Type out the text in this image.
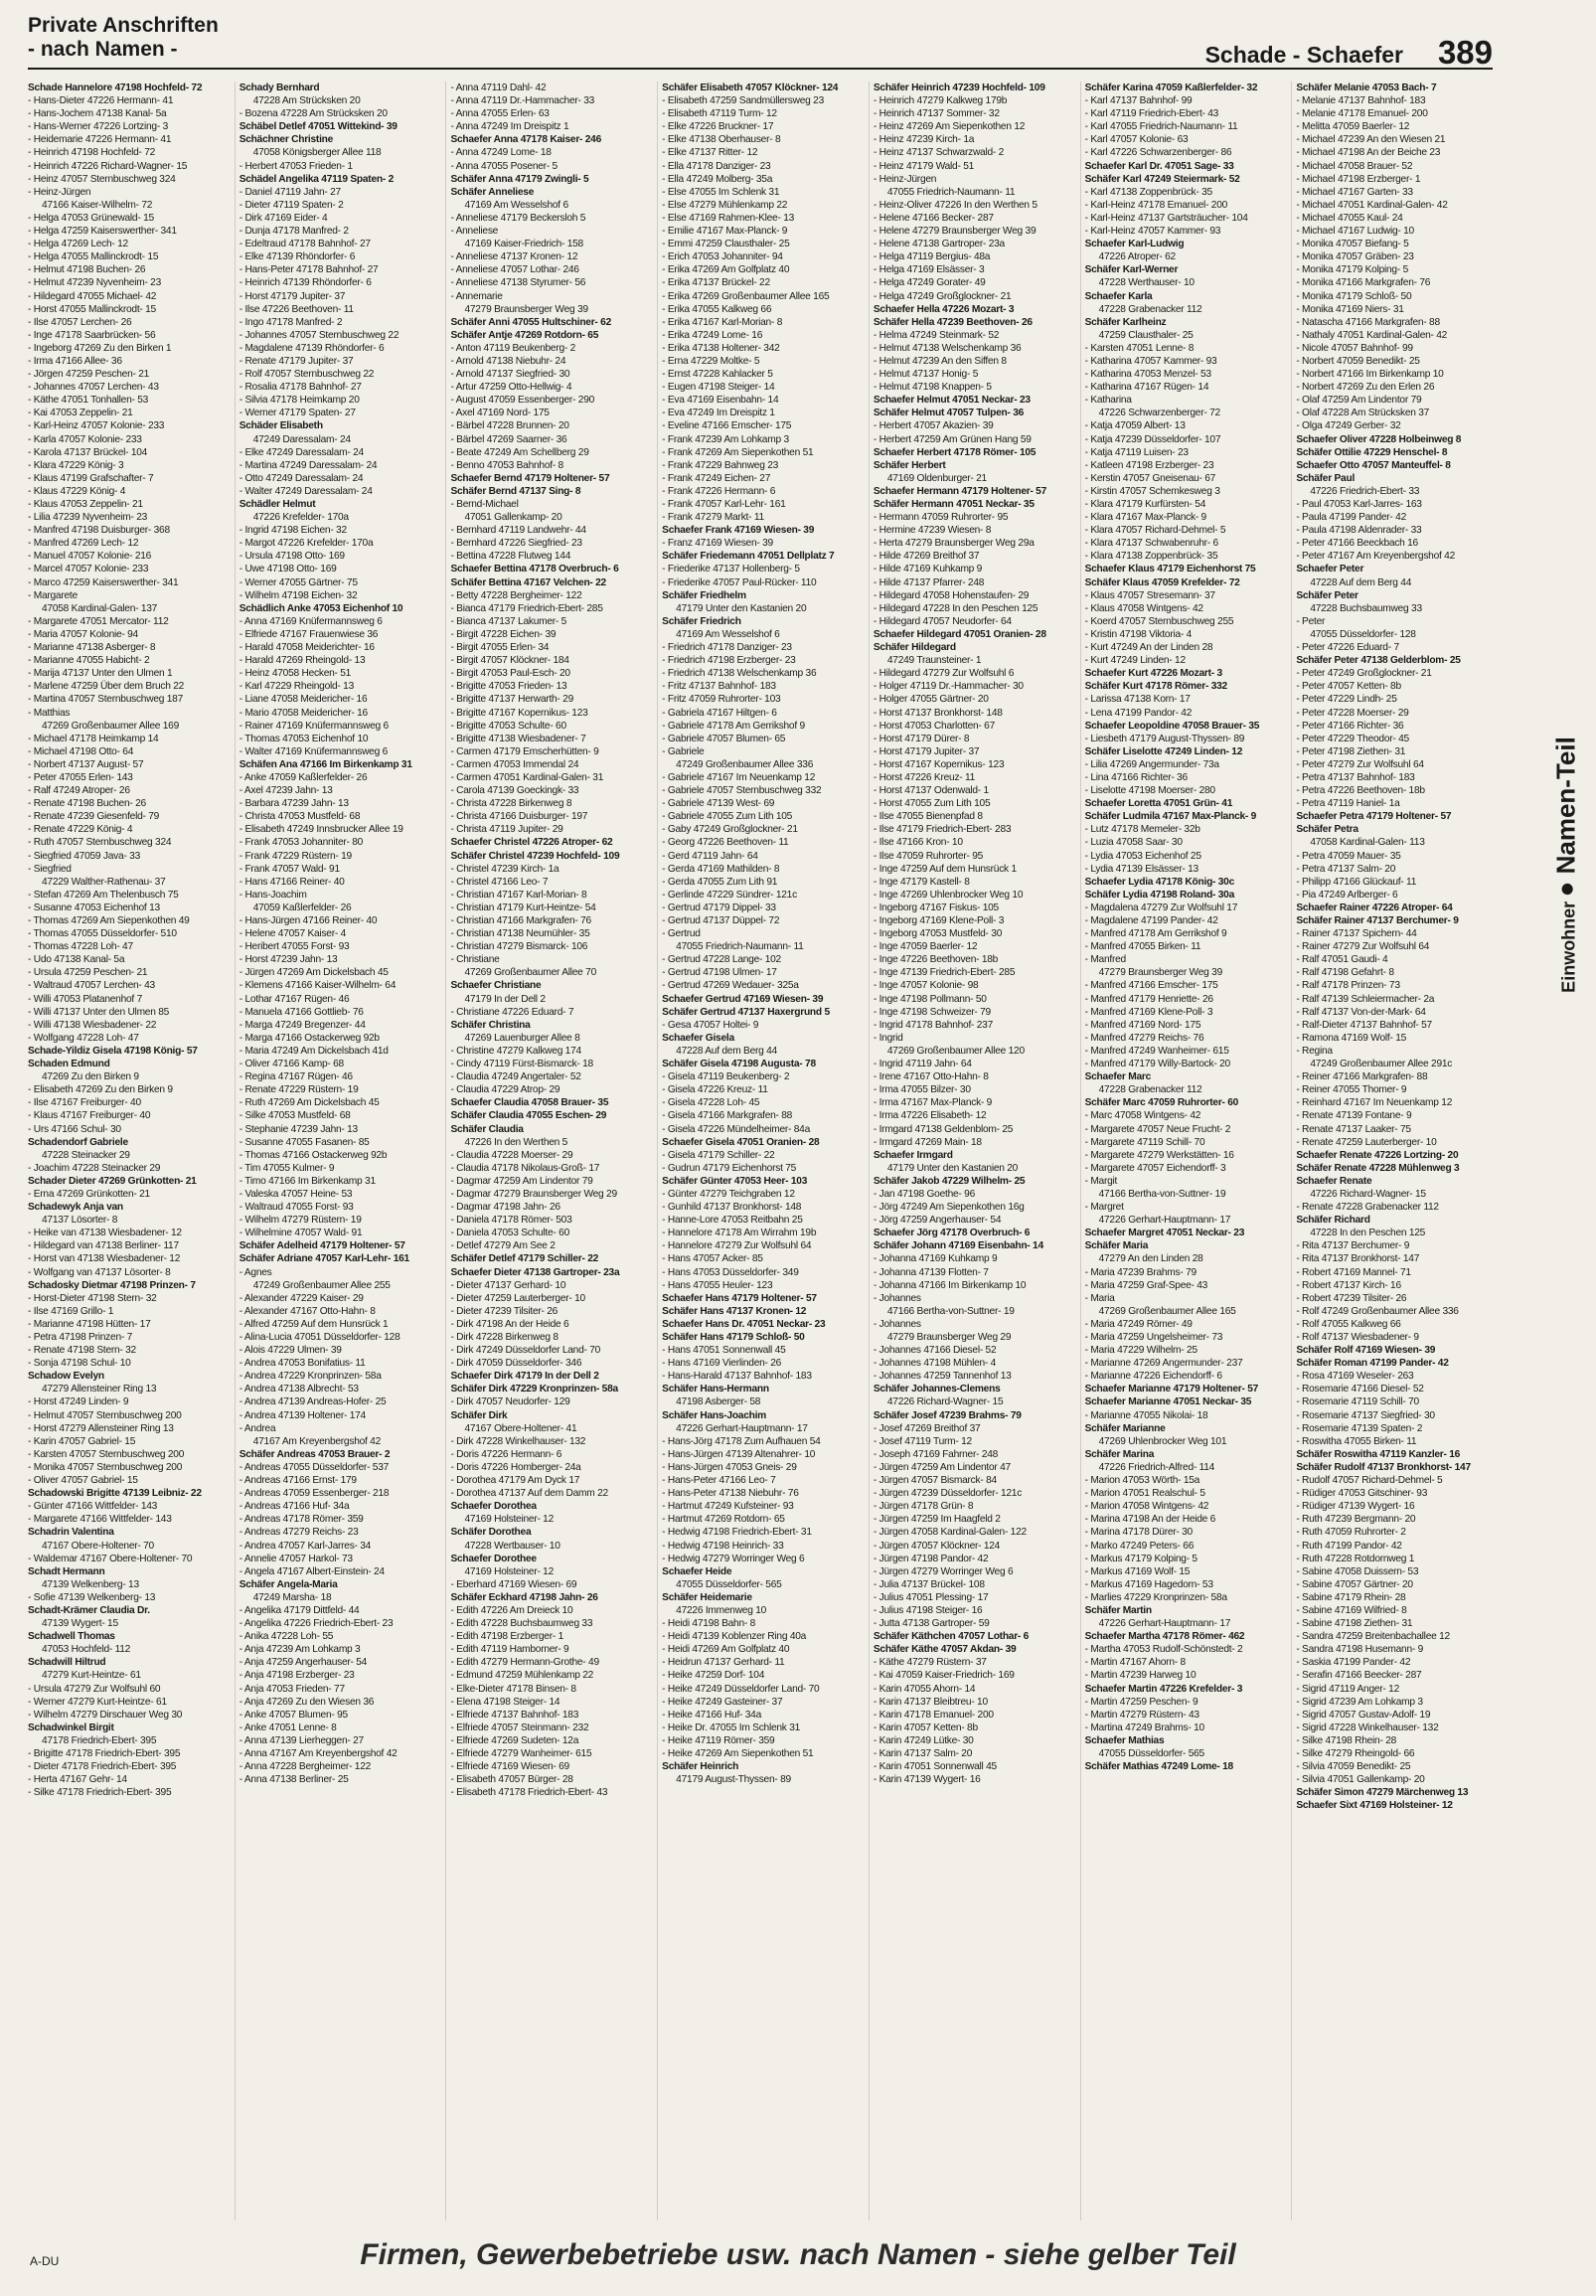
Private Anschriften
- nach Namen -	Schade - Schaefer 389
Schade Hannelore 47198 Hochfeld- 72
- Hans-Dieter 47226 Hermann- 41
- Hans-Jochem 47138 Kanal- 5a
- Hans-Werner 47226 Lortzing- 3
- Heidemarie 47226 Hermann- 41
- Heinrich 47198 Hochfeld- 72
- Heinrich 47226 Richard-Wagner- 15
- Heinz 47057 Sternbuschweg 324
- Heinz-Jürgen
47166 Kaiser-Wilhelm- 72
- Helga 47053 Grünewald- 15
- Helga 47259 Kaiserswerther- 341
- Helga 47269 Lech- 12
- Helga 47055 Mallinckrodt- 15
- Helmut 47198 Buchen- 26
- Helmut 47239 Nyvenheim- 23
- Hildegard 47055 Michael- 42
- Horst 47055 Mallinckrodt- 15
- Ilse 47057 Lerchen- 26
- Inge 47178 Saarbrücken- 56
- Ingeborg 47269 Zu den Birken 1
- Irma 47166 Allee- 36
- Jörgen 47259 Peschen- 21
- Johannes 47057 Lerchen- 43
- Käthe 47051 Tonhallen- 53
- Kai 47053 Zeppelin- 21
- Karl-Heinz 47057 Kolonie- 233
- Karla 47057 Kolonie- 233
- Karola 47137 Brückel- 104
- Klara 47229 König- 3
- Klaus 47199 Grafschafter- 7
- Klaus 47229 König- 4
- Klaus 47053 Zeppelin- 21
- Lilia 47239 Nyvenheim- 23
- Manfred 47198 Duisburger- 368
- Manfred 47269 Lech- 12
- Manuel 47057 Kolonie- 216
- Marcel 47057 Kolonie- 233
- Marco 47259 Kaiserswerther- 341
- Margarete
47058 Kardinal-Galen- 137
- Margarete 47051 Mercator- 112
- Maria 47057 Kolonie- 94
- Marianne 47138 Asberger- 8
- Marianne 47055 Habicht- 2
- Marija 47137 Unter den Ulmen 1
- Marlene 47259 Über dem Bruch 22
- Martina 47057 Sternbuschweg 187
- Matthias
47269 Großenbaumer Allee 169
- Michael 47178 Heimkamp 14
- Michael 47198 Otto- 64
- Norbert 47137 August- 57
- Peter 47055 Erlen- 143
- Ralf 47249 Atroper- 26
- Renate 47198 Buchen- 26
- Renate 47239 Giesenfeld- 79
- Renate 47229 König- 4
- Ruth 47057 Sternbuschweg 324
- Siegfried 47059 Java- 33
- Siegfried
47229 Walther-Rathenau- 37
- Stefan 47269 Am Thelenbusch 75
- Susanne 47053 Eichenhof 13
- Thomas 47269 Am Siepenkothen 49
- Thomas 47055 Düsseldorfer- 510
- Thomas 47228 Loh- 47
- Udo 47138 Kanal- 5a
- Ursula 47259 Peschen- 21
- Waltraud 47057 Lerchen- 43
- Willi 47053 Platanenhof 7
- Willi 47137 Unter den Ulmen 85
- Willi 47138 Wiesbadener- 22
- Wolfgang 47228 Loh- 47
Schade-Yildiz Gisela 47198 König- 57
Schaden Edmund
47269 Zu den Birken 9
- Elisabeth 47269 Zu den Birken 9
- Ilse 47167 Freiburger- 40
- Klaus 47167 Freiburger- 40
- Urs 47166 Schul- 30
Schadendorf Gabriele
47228 Steinacker 29
- Joachim 47228 Steinacker 29
Schader Dieter 47269 Grünkotten- 21
- Erna 47269 Grünkotten- 21
Schadewyk Anja van
47137 Lösorter- 8
- Heike van 47138 Wiesbadener- 12
- Hildegard van 47138 Berliner- 117
- Horst van 47138 Wiesbadener- 12
- Wolfgang van 47137 Lösorter- 8
Schadosky Dietmar 47198 Prinzen- 7
- Horst-Dieter 47198 Stern- 32
- Ilse 47169 Grillo- 1
- Marianne 47198 Hütten- 17
- Petra 47198 Prinzen- 7
- Renate 47198 Stern- 32
- Sonja 47198 Schul- 10
Schadow Evelyn
47279 Allensteiner Ring 13
- Horst 47249 Linden- 9
- Helmut 47057 Sternbuschweg 200
- Horst 47279 Allensteiner Ring 13
- Karin 47057 Gabriel- 15
- Karsten 47057 Sternbuschweg 200
- Monika 47057 Sternbuschweg 200
- Oliver 47057 Gabriel- 15
Schadowski Brigitte 47139 Leibniz- 22
- Günter 47166 Wittfelder- 143
- Margarete 47166 Wittfelder- 143
Schadrin Valentina
47167 Obere-Holtener- 70
- Waldemar 47167 Obere-Holtener- 70
Schadt Hermann
47139 Welkenberg- 13
- Sofie 47139 Welkenberg- 13
Schadt-Krämer Claudia Dr.
47139 Wygert- 15
Schadwell Thomas
47053 Hochfeld- 112
Schadwill Hiltrud
47279 Kurt-Heintze- 61
- Ursula 47279 Zur Wolfsuhl 60
- Werner 47279 Kurt-Heintze- 61
- Wilhelm 47279 Dirschauer Weg 30
Schadwinkel Birgit
47178 Friedrich-Ebert- 395
- Brigitte 47178 Friedrich-Ebert- 395
- Dieter 47178 Friedrich-Ebert- 395
- Herta 47167 Gehr- 14
- Silke 47178 Friedrich-Ebert- 395
Schady Bernhard
47228 Am Strücksken 20
- Bozena 47228 Am Strücksken 20
Schäbel Detlef 47051 Wittekind- 39
Schächner Christine
47058 Königsberger Allee 118
- Herbert 47053 Frieden- 1
Schädel Angelika 47119 Spaten- 2
- Daniel 47119 Jahn- 27
- Dieter 47119 Spaten- 2
- Dirk 47169 Eider- 4
- Dunja 47178 Manfred- 2
- Edeltraud 47178 Bahnhof- 27
- Elke 47139 Rhöndorfer- 6
- Hans-Peter 47178 Bahnhof- 27
- Heinrich 47139 Rhöndorfer- 6
- Horst 47179 Jupiter- 37
- Ilse 47226 Beethoven- 11
- Ingo 47178 Manfred- 2
- Johannes 47057 Sternbuschweg 22
- Magdalene 47139 Rhöndorfer- 6
- Renate 47179 Jupiter- 37
- Rolf 47057 Sternbuschweg 22
- Rosalia 47178 Bahnhof- 27
- Silvia 47178 Heimkamp 20
- Werner 47179 Spaten- 27
Schäder Elisabeth
47249 Daressalam- 24
- Elke 47249 Daressalam- 24
- Martina 47249 Daressalam- 24
- Otto 47249 Daressalam- 24
- Walter 47249 Daressalam- 24
Schädler Helmut
47226 Krefelder- 170a
- Ingrid 47198 Eichen- 32
- Margot 47226 Krefelder- 170a
- Ursula 47198 Otto- 169
- Uwe 47198 Otto- 169
- Werner 47055 Gärtner- 75
- Wilhelm 47198 Eichen- 32
Schädlich Anke 47053 Eichenhof 10
- Anna 47169 Knüfermannsweg 6
- Elfriede 47167 Frauenwiese 36
- Harald 47058 Meiderichter- 16
- Harald 47269 Rheingold- 13
- Heinz 47058 Hecken- 51
- Karl 47229 Rheingold- 13
- Liane 47058 Meidericher- 16
- Mario 47058 Meidericher- 16
- Rainer 47169 Knüfermannsweg 6
- Thomas 47053 Eichenhof 10
- Walter 47169 Knüfermannsweg 6
Schäfen Ana 47166 Im Birkenkamp 31
- Anke 47059 Kaßlerfelder- 26
- Axel 47239 Jahn- 13
- Barbara 47239 Jahn- 13
- Christa 47053 Mustfeld- 68
- Elisabeth 47249 Innsbrucker Allee 19
- Frank 47053 Johanniter- 80
- Frank 47229 Rüstern- 19
- Frank 47057 Wald- 91
- Hans 47166 Reiner- 40
- Hans-Joachim
47059 Kaßlerfelder- 26
- Hans-Jürgen 47166 Reiner- 40
- Helene 47057 Kaiser- 4
- Heribert 47055 Forst- 93
- Horst 47239 Jahn- 13
- Jürgen 47269 Am Dickelsbach 45
- Klemens 47166 Kaiser-Wilhelm- 64
- Lothar 47167 Rügen- 46
- Manuela 47166 Gottlieb- 76
- Marga 47249 Bregenzer- 44
- Marga 47166 Ostackerweg 92b
- Maria 47249 Am Dickelsbach 41d
- Oliver 47166 Kamp- 68
- Regina 47167 Rügen- 46
- Renate 47229 Rüstern- 19
- Ruth 47269 Am Dickelsbach 45
- Silke 47053 Mustfeld- 68
- Stephanie 47239 Jahn- 13
- Susanne 47055 Fasanen- 85
- Thomas 47166 Ostackerweg 92b
- Tim 47055 Kulmer- 9
- Timo 47166 Im Birkenkamp 31
- Valeska 47057 Heine- 53
- Waltraud 47055 Forst- 93
- Wilhelm 47279 Rüstern- 19
- Wilhelmine 47057 Wald- 91
Schäfer Adelheid 47179 Holtener- 57
Schäfer Adriane 47057 Karl-Lehr- 161
- Agnes
47249 Großenbaumer Allee 255
- Alexander 47229 Kaiser- 29
- Alexander 47167 Otto-Hahn- 8
- Alfred 47259 Auf dem Hunsrück 1
- Alina-Lucia 47051 Düsseldorfer- 128
- Alois 47229 Ulmen- 39
- Andrea 47053 Bonifatius- 11
- Andrea 47229 Kronprinzen- 58a
- Andrea 47138 Albrecht- 53
- Andrea 47139 Andreas-Hofer- 25
- Andrea 47139 Holtener- 174
- Andrea
47167 Am Kreyenbergshof 42
Schäfer Andreas 47053 Brauer- 2
- Andreas 47055 Düsseldorfer- 537
- Andreas 47166 Ernst- 179
- Andreas 47059 Essenberger- 218
- Andreas 47166 Huf- 34a
- Andreas 47178 Römer- 359
- Andreas 47279 Reichs- 23
- Andrea 47057 Karl-Jarres- 34
- Annelie 47057 Harkol- 73
- Angela 47167 Albert-Einstein- 24
Schäfer Angela-Maria
47249 Marsha- 18
- Angelika 47179 Dittfeld- 44
- Angelika 47226 Friedrich-Ebert- 23
- Anika 47228 Loh- 55
- Anja 47239 Am Lohkamp 3
- Anja 47259 Angerhauser- 54
- Anja 47198 Erzberger- 23
- Anja 47053 Frieden- 77
- Anja 47269 Zu den Wiesen 36
- Anke 47057 Blumen- 95
- Anke 47051 Lenne- 8
- Anna 47139 Lierheggen- 27
- Anna 47167 Am Kreyenbergshof 42
- Anna 47228 Bergheimer- 122
- Anna 47138 Berliner- 25
- Anna 47119 Dahl- 42
- Anna 47119 Dr.-Hammacher- 33
- Anna 47055 Erlen- 63
- Anna 47249 Im Dreispitz 1
Schaefer Anna 47178 Kaiser- 246
- Anna 47249 Lome- 18
- Anna 47055 Posener- 5
Schäfer Anna 47179 Zwingli- 5
Schäfer Anneliese
47169 Am Wesselshof 6
- Anneliese 47179 Beckersloh 5
- Anneliese
47169 Kaiser-Friedrich- 158
- Anneliese 47137 Kronen- 12
- Anneliese 47057 Lothar- 246
- Anneliese 47138 Styrumer- 56
- Annemarie
47279 Braunsberger Weg 39
Schäfer Anni 47055 Hultschiner- 62
Schäfer Antje 47269 Rotdorn- 65
- Anton 47119 Beukenberg- 2
- Arnold 47138 Niebuhr- 24
- Arnold 47137 Siegfried- 30
- Artur 47259 Otto-Hellwig- 4
- August 47059 Essenberger- 290
- Axel 47169 Nord- 175
- Bärbel 47228 Brunnen- 20
- Bärbel 47269 Saarner- 36
- Beate 47249 Am Schellberg 29
- Benno 47053 Bahnhof- 8
Schaefer Bernd 47179 Holtener- 57
Schäfer Bernd 47137 Sing- 8
- Bernd-Michael
47051 Gallenkamp- 20
- Bernhard 47119 Landwehr- 44
- Bernhard 47226 Siegfried- 23
- Bettina 47228 Flutweg 144
Schaefer Bettina 47178 Overbruch- 6
Schäfer Bettina 47167 Velchen- 22
- Betty 47228 Bergheimer- 122
- Bianca 47179 Friedrich-Ebert- 285
- Bianca 47137 Lakumer- 5
- Birgit 47228 Eichen- 39
- Birgit 47055 Erlen- 34
- Birgit 47057 Klöckner- 184
- Birgit 47053 Paul-Esch- 20
- Brigitte 47053 Frieden- 13
- Brigitte 47137 Herwarth- 29
- Brigitte 47167 Kopernikus- 123
- Brigitte 47053 Schulte- 60
- Brigitte 47138 Wiesbadener- 7
- Carmen 47179 Emscherhütten- 9
- Carmen 47053 Immendal 24
- Carmen 47051 Kardinal-Galen- 31
- Carola 47139 Goeckingk- 33
- Christa 47228 Birkenweg 8
- Christa 47166 Duisburger- 197
- Christa 47119 Jupiter- 29
Schaefer Christel 47226 Atroper- 62
Schäfer Christel 47239 Hochfeld- 109
- Christel 47239 Kirch- 1a
- Christel 47166 Leo- 7
- Christian 47167 Karl-Morian- 8
- Christian 47179 Kurt-Heintze- 54
- Christian 47166 Markgrafen- 76
- Christian 47138 Neumühler- 35
- Christian 47279 Bismarck- 106
- Christiane
47269 Großenbaumer Allee 70
Schaefer Christiane
47179 In der Dell 2
- Christiane 47226 Eduard- 7
Schäfer Christina
47269 Lauenburger Allee 8
- Christine 47279 Kalkweg 174
- Cindy 47119 Fürst-Bismarck- 18
- Claudia 47249 Angertaler- 52
- Claudia 47229 Atrop- 29
Schaefer Claudia 47058 Brauer- 35
Schäfer Claudia 47055 Eschen- 29
Schäfer Claudia
47226 In den Werthen 5
- Claudia 47228 Moerser- 29
- Claudia 47178 Nikolaus-Groß- 17
- Dagmar 47259 Am Lindentor 79
- Dagmar 47279 Braunsberger Weg 29
- Dagmar 47198 Jahn- 26
- Daniela 47178 Römer- 503
- Daniela 47053 Schulte- 60
- Detlef 47279 Am See 2
Schäfer Detlef 47179 Schiller- 22
Schaefer Dieter 47138 Gartroper- 23a
- Dieter 47137 Gerhard- 10
- Dieter 47259 Lauterberger- 10
- Dieter 47239 Tilsiter- 26
- Dirk 47198 An der Heide 6
- Dirk 47228 Birkenweg 8
- Dirk 47249 Düsseldorfer Land- 70
- Dirk 47059 Düsseldorfer- 346
Schaefer Dirk 47179 In der Dell 2
Schäfer Dirk 47229 Kronprinzen- 58a
- Dirk 47057 Neudorfer- 129
Schäfer Dirk
47167 Obere-Holtener- 41
- Dirk 47228 Winkelhauser- 132
- Doris 47226 Hermann- 6
- Doris 47226 Homberger- 24a
- Dorothea 47179 Am Dyck 17
- Dorothea 47137 Auf dem Damm 22
Schaefer Dorothea
47169 Holsteiner- 12
Schäfer Dorothea
47228 Wertbauser- 10
Schaefer Dorothee
47169 Holsteiner- 12
- Eberhard 47169 Wiesen- 69
Schäfer Eckhard 47198 Jahn- 26
- Edith 47226 Am Dreieck 10
- Edith 47228 Buchsbaumweg 33
- Edith 47198 Erzberger- 1
- Edith 47119 Hamborner- 9
- Edith 47279 Hermann-Grothe- 49
- Edmund 47259 Mühlenkamp 22
- Elke-Dieter 47178 Binsen- 8
- Elena 47198 Steiger- 14
- Elfriede 47137 Bahnhof- 183
- Elfriede 47057 Steinmann- 232
- Elfriede 47269 Sudeten- 12a
- Elfriede 47279 Wanheimer- 615
- Elfriede 47169 Wiesen- 69
- Elisabeth 47057 Bürger- 28
- Elisabeth 47178 Friedrich-Ebert- 43
Schäfer Elisabeth 47057 Klöckner- 124
- Elisabeth 47259 Sandmüllersweg 23
- Elisabeth 47119 Turm- 12
- Elke 47226 Bruckner- 17
- Elke 47138 Oberhauser- 8
- Elke 47137 Ritter- 12
- Ella 47178 Danziger- 23
- Ella 47249 Molberg- 35a
- Else 47055 Im Schlenk 31
- Else 47279 Mühlenkamp 22
- Else 47169 Rahmen-Klee- 13
- Emilie 47167 Max-Planck- 9
- Emmi 47259 Clausthaler- 25
- Erich 47053 Johanniter- 94
- Erika 47269 Am Golfplatz 40
- Erika 47137 Brückel- 22
- Erika 47269 Großenbaumer Allee 165
- Erika 47055 Kalkweg 66
- Erika 47167 Karl-Morian- 8
- Erika 47249 Lome- 16
- Erika 47138 Holtener- 342
- Erna 47229 Moltke- 5
- Ernst 47228 Kahlacker 5
- Eugen 47198 Steiger- 14
- Eva 47169 Eisenbahn- 14
- Eva 47249 Im Dreispitz 1
- Eveline 47166 Emscher- 175
- Frank 47239 Am Lohkamp 3
- Frank 47269 Am Siepenkothen 51
- Frank 47229 Bahnweg 23
- Frank 47249 Eichen- 27
- Frank 47226 Hermann- 6
- Frank 47057 Karl-Lehr- 161
- Frank 47279 Markt- 11
Schaefer Frank 47169 Wiesen- 39
- Franz 47169 Wiesen- 39
Schäfer Friedemann 47051 Dellplatz 7
- Friederike 47137 Hollenberg- 5
- Friederike 47057 Paul-Rücker- 110
Schäfer Friedhelm
47179 Unter den Kastanien 20
Schäfer Friedrich
47169 Am Wesselshof 6
- Friedrich 47178 Danziger- 23
- Friedrich 47198 Erzberger- 23
- Friedrich 47138 Welschenkamp 36
- Fritz 47137 Bahnhof- 183
- Fritz 47059 Ruhrorter- 103
- Gabriela 47167 Hiltgen- 6
- Gabriele 47178 Am Gerrikshof 9
- Gabriele 47057 Blumen- 65
- Gabriele
47249 Großenbaumer Allee 336
- Gabriele 47167 Im Neuenkamp 12
- Gabriele 47057 Sternbuschweg 332
- Gabriele 47139 West- 69
- Gabriele 47055 Zum Lith 105
- Gaby 47249 Großglockner- 21
- Georg 47226 Beethoven- 11
- Gerd 47119 Jahn- 64
- Gerda 47169 Mathilden- 8
- Gerda 47055 Zum Lith 91
- Gerlinde 47229 Sündrer- 121c
- Gertrud 47179 Dippel- 33
- Gertrud 47137 Düppel- 72
- Gertrud
47055 Friedrich-Naumann- 11
- Gertrud 47228 Lange- 102
- Gertrud 47198 Ulmen- 17
- Gertrud 47269 Wedauer- 325a
Schaefer Gertrud 47169 Wiesen- 39
Schäfer Gertrud 47137 Haxergrund 5
- Gesa 47057 Holtei- 9
Schaefer Gisela
47228 Auf dem Berg 44
Schäfer Gisela 47198 Augusta- 78
- Gisela 47119 Beukenberg- 2
- Gisela 47226 Kreuz- 11
- Gisela 47228 Loh- 45
- Gisela 47166 Markgrafen- 88
- Gisela 47226 Mündelheimer- 84a
Schaefer Gisela 47051 Oranien- 28
- Gisela 47179 Schiller- 22
- Gudrun 47179 Eichenhorst 75
Schäfer Günter 47053 Heer- 103
- Günter 47279 Teichgraben 12
- Gunhild 47137 Bronkhorst- 148
- Hanne-Lore 47053 Reitbahn 25
- Hannelore 47178 Am Wirrahm 19b
- Hannelore 47279 Zur Wolfsuhl 64
- Hans 47057 Acker- 85
- Hans 47053 Düsseldorfer- 349
- Hans 47055 Heuler- 123
Schaefer Hans 47179 Holtener- 57
Schäfer Hans 47137 Kronen- 12
Schaefer Hans Dr. 47051 Neckar- 23
Schäfer Hans 47179 Schloß- 50
- Hans 47051 Sonnenwall 45
- Hans 47169 Vierlinden- 26
- Hans-Harald 47137 Bahnhof- 183
Schäfer Hans-Hermann
47198 Asberger- 58
Schäfer Hans-Joachim
47226 Gerhart-Hauptmann- 17
- Hans-Jörg 47178 Zum Aufhauen 54
- Hans-Jürgen 47139 Altenahrer- 10
- Hans-Jürgen 47053 Gneis- 29
- Hans-Peter 47166 Leo- 7
- Hans-Peter 47138 Niebuhr- 76
- Hartmut 47249 Kufsteiner- 93
- Hartmut 47269 Rotdorn- 65
- Hedwig 47198 Friedrich-Ebert- 31
- Hedwig 47198 Heinrich- 33
- Hedwig 47279 Worringer Weg 6
Schaefer Heide
47055 Düsseldorfer- 565
Schäfer Heidemarie
47226 Immenweg 10
- Heidi 47198 Bahn- 8
- Heidi 47139 Koblenzer Ring 40a
- Heidi 47269 Am Golfplatz 40
- Heidrun 47137 Gerhard- 11
- Heike 47259 Dorf- 104
- Heike 47249 Düsseldorfer Land- 70
- Heike 47249 Gasteiner- 37
- Heike 47166 Huf- 34a
- Heike Dr. 47055 Im Schlenk 31
- Heike 47119 Römer- 359
- Heike 47269 Am Siepenkothen 51
Schäfer Heinrich
47179 August-Thyssen- 89
Schäfer Heinrich 47239 Hochfeld- 109
- Heinrich 47279 Kalkweg 179b
- Heinrich 47137 Sommer- 32
- Heinz 47269 Am Siepenkothen 12
- Heinz 47239 Kirch- 1a
- Heinz 47137 Schwarzwald- 2
- Heinz 47179 Wald- 51
- Heinz-Jürgen
47055 Friedrich-Naumann- 11
- Heinz-Oliver 47226 In den Werthen 5
- Helene 47166 Becker- 287
- Helene 47279 Braunsberger Weg 39
- Helene 47138 Gartroper- 23a
- Helga 47119 Bergius- 48a
- Helga 47169 Elsässer- 3
- Helga 47249 Gorater- 49
- Helga 47249 Großglockner- 21
Schaefer Hella 47226 Mozart- 3
Schäfer Hella 47239 Beethoven- 26
- Helma 47249 Steinmark- 52
- Helmut 47138 Welschenkamp 36
- Helmut 47239 An den Siffen 8
- Helmut 47137 Honig- 5
- Helmut 47198 Knappen- 5
Schaefer Helmut 47051 Neckar- 23
Schäfer Helmut 47057 Tulpen- 36
- Herbert 47057 Akazien- 39
- Herbert 47259 Am Grünen Hang 59
Schaefer Herbert 47178 Römer- 105
Schäfer Herbert
47169 Oldenburger- 21
Schaefer Hermann 47179 Holtener- 57
Schäfer Hermann 47051 Neckar- 35
- Hermann 47059 Ruhrorter- 95
- Hermine 47239 Wiesen- 8
- Herta 47279 Braunsberger Weg 29a
- Hilde 47269 Breithof 37
- Hilde 47169 Kuhkamp 9
- Hilde 47137 Pfarrer- 248
- Hildegard 47058 Hohenstaufen- 29
- Hildegard 47228 In den Peschen 125
- Hildegard 47057 Neudorfer- 64
Schaefer Hildegard 47051 Oranien- 28
Schäfer Hildegard
47249 Traunsteiner- 1
- Hildegard 47279 Zur Wolfsuhl 6
- Holger 47119 Dr.-Hammacher- 30
- Holger 47055 Gärtner- 20
- Horst 47137 Bronkhorst- 148
- Horst 47053 Charlotten- 67
- Horst 47179 Dürer- 8
- Horst 47179 Jupiter- 37
- Horst 47167 Kopernikus- 123
- Horst 47226 Kreuz- 11
- Horst 47137 Odenwald- 1
- Horst 47055 Zum Lith 105
- Ilse 47055 Bienenpfad 8
- Ilse 47179 Friedrich-Ebert- 283
- Ilse 47166 Kron- 10
- Ilse 47059 Ruhrorter- 95
- Inge 47259 Auf dem Hunsrück 1
- Inge 47179 Kastell- 8
- Inge 47269 Uhlenbrocker Weg 10
- Ingeborg 47167 Fiskus- 105
- Ingeborg 47169 Klene-Poll- 3
- Ingeborg 47053 Mustfeld- 30
- Inge 47059 Baerler- 12
- Inge 47226 Beethoven- 18b
- Inge 47139 Friedrich-Ebert- 285
- Inge 47057 Kolonie- 98
- Inge 47198 Pollmann- 50
- Inge 47198 Schweizer- 79
- Ingrid 47178 Bahnhof- 237
- Ingrid
47269 Großenbaumer Allee 120
- Ingrid 47119 Jahn- 64
- Irene 47167 Otto-Hahn- 8
- Irma 47055 Bilzer- 30
- Irma 47167 Max-Planck- 9
- Irma 47226 Elisabeth- 12
- Irmgard 47138 Geldenblom- 25
- Irmgard 47269 Main- 18
Schaefer Irmgard
47179 Unter den Kastanien 20
Schäfer Jakob 47229 Wilhelm- 25
- Jan 47198 Goethe- 96
- Jörg 47249 Am Siepenkothen 16g
- Jörg 47259 Angerhauser- 54
Schaefer Jörg 47178 Overbruch- 6
Schäfer Johann 47169 Eisenbahn- 14
- Johanna 47169 Kuhkamp 9
- Johanna 47139 Flotten- 7
- Johanna 47166 Im Birkenkamp 10
- Johannes
47166 Bertha-von-Suttner- 19
- Johannes
47279 Braunsberger Weg 29
- Johannes 47166 Diesel- 52
- Johannes 47198 Mühlen- 4
- Johannes 47259 Tannenhof 13
Schäfer Johannes-Clemens
47226 Richard-Wagner- 15
Schäfer Josef 47239 Brahms- 79
- Josef 47269 Breithof 37
- Josef 47119 Turm- 12
- Joseph 47169 Fahrner- 248
- Jürgen 47259 Am Lindentor 47
- Jürgen 47057 Bismarck- 84
- Jürgen 47239 Düsseldorfer- 121c
- Jürgen 47178 Grün- 8
- Jürgen 47259 Im Haagfeld 2
- Jürgen 47058 Kardinal-Galen- 122
- Jürgen 47057 Klöckner- 124
- Jürgen 47198 Pandor- 42
- Jürgen 47279 Worringer Weg 6
- Julia 47137 Brückel- 108
- Julius 47051 Plessing- 17
- Julius 47198 Steiger- 16
- Jutta 47138 Gartroper- 59
Schäfer Käthchen 47057 Lothar- 6
Schäfer Käthe 47057 Akdan- 39
- Käthe 47279 Rüstern- 37
- Kai 47059 Kaiser-Friedrich- 169
- Karin 47055 Ahorn- 14
- Karin 47137 Bleibtreu- 10
- Karin 47178 Emanuel- 200
- Karin 47057 Ketten- 8b
- Karin 47249 Lütke- 30
- Karin 47137 Salm- 20
- Karin 47051 Sonnenwall 45
- Karin 47139 Wygert- 16
Schäfer Karina 47059 Kaßlerfelder- 32
- Karl 47137 Bahnhof- 99
- Karl 47119 Friedrich-Ebert- 43
- Karl 47055 Friedrich-Naumann- 11
- Karl 47057 Kolonie- 63
- Karl 47226 Schwarzenberger- 86
Schaefer Karl Dr. 47051 Sage- 33
Schäfer Karl 47249 Steiermark- 52
- Karl 47138 Zoppenbrück- 35
- Karl-Heinz 47178 Emanuel- 200
- Karl-Heinz 47137 Gartsträucher- 104
- Karl-Heinz 47057 Kammer- 93
Schaefer Karl-Ludwig
47226 Atroper- 62
Schäfer Karl-Werner
47228 Werthauser- 10
Schaefer Karla
47228 Grabenacker 112
Schäfer Karlheinz
47259 Clausthaler- 25
- Karsten 47051 Lenne- 8
- Katharina 47057 Kammer- 93
- Katharina 47053 Menzel- 53
- Katharina 47167 Rügen- 14
- Katharina
47226 Schwarzenberger- 72
- Katja 47059 Albert- 13
- Katja 47239 Düsseldorfer- 107
- Katja 47119 Luisen- 23
- Katleen 47198 Erzberger- 23
- Kerstin 47057 Gneisenau- 67
- Kirstin 47057 Schemkesweg 3
- Klara 47179 Kurfürsten- 54
- Klara 47167 Max-Planck- 9
- Klara 47057 Richard-Dehmel- 5
- Klara 47137 Schwabenruhr- 6
- Klara 47138 Zoppenbrück- 35
Schaefer Klaus 47179 Eichenhorst 75
Schäfer Klaus 47059 Krefelder- 72
- Klaus 47057 Stresemann- 37
- Klaus 47058 Wintgens- 42
- Koerd 47057 Sternbuschweg 255
- Kristin 47198 Viktoria- 4
- Kurt 47249 An der Linden 28
- Kurt 47249 Linden- 12
Schaefer Kurt 47226 Mozart- 3
Schäfer Kurt 47178 Römer- 332
- Larissa 47138 Korn- 17
- Lena 47199 Pandor- 42
Schaefer Leopoldine 47058 Brauer- 35
- Liesbeth 47179 August-Thyssen- 89
Schäfer Liselotte 47249 Linden- 12
- Lilia 47269 Angermunder- 73a
- Lina 47166 Richter- 36
- Liselotte 47198 Moerser- 280
Schaefer Loretta 47051 Grün- 41
Schäfer Ludmila 47167 Max-Planck- 9
- Lutz 47178 Memeler- 32b
- Luzia 47058 Saar- 30
- Lydia 47053 Eichenhof 25
- Lydia 47139 Elsässer- 13
Schaefer Lydia 47178 König- 30c
Schäfer Lydia 47198 Roland- 30a
- Magdalena 47279 Zur Wolfsuhl 17
- Magdalene 47199 Pander- 42
- Manfred 47178 Am Gerrikshof 9
- Manfred 47055 Birken- 11
- Manfred
47279 Braunsberger Weg 39
- Manfred 47166 Emscher- 175
- Manfred 47179 Henriette- 26
- Manfred 47169 Klene-Poll- 3
- Manfred 47169 Nord- 175
- Manfred 47279 Reichs- 76
- Manfred 47249 Wanheimer- 615
- Manfred 47179 Willy-Bartock- 20
Schaefer Marc
47228 Grabenacker 112
Schäfer Marc 47059 Ruhrorter- 60
- Marc 47058 Wintgens- 42
- Margarete 47057 Neue Frucht- 2
- Margarete 47119 Schill- 70
- Margarete 47279 Werkstätten- 16
- Margarete 47057 Eichendorff- 3
- Margit
47166 Bertha-von-Suttner- 19
- Margret
47226 Gerhart-Hauptmann- 17
Schaefer Margret 47051 Neckar- 23
Schäfer Maria
47279 An den Linden 28
- Maria 47239 Brahms- 79
- Maria 47259 Graf-Spee- 43
- Maria
47269 Großenbaumer Allee 165
- Maria 47249 Römer- 49
- Maria 47259 Ungelsheimer- 73
- Maria 47229 Wilhelm- 25
- Marianne 47269 Angermunder- 237
- Marianne 47226 Eichendorff- 6
Schaefer Marianne 47179 Holtener- 57
Schaefer Marianne 47051 Neckar- 35
- Marianne 47055 Nikolai- 18
Schäfer Marianne
47269 Uhlenbrocker Weg 101
Schäfer Marina
47226 Friedrich-Alfred- 114
- Marion 47053 Wörth- 15a
- Marion 47051 Realschul- 5
- Marion 47058 Wintgens- 42
- Marina 47198 An der Heide 6
- Marina 47178 Dürer- 30
- Marko 47249 Peters- 66
- Markus 47179 Kolping- 5
- Markus 47169 Wolf- 15
- Markus 47169 Hagedorn- 53
- Marlies 47229 Kronprinzen- 58a
Schäfer Martin
47226 Gerhart-Hauptmann- 17
Schaefer Martha 47178 Römer- 462
- Martha 47053 Rudolf-Schönstedt- 2
- Martin 47167 Ahorn- 8
- Martin 47239 Harweg 10
Schaefer Martin 47226 Krefelder- 3
- Martin 47259 Peschen- 9
- Martin 47279 Rüstern- 43
- Martina 47249 Brahms- 10
Schaefer Mathias
47055 Düsseldorfer- 565
Schäfer Mathias 47249 Lome- 18
Schäfer Melanie 47053 Bach- 7
- Melanie 47137 Bahnhof- 183
- Melanie 47178 Emanuel- 200
- Melitta 47059 Baerler- 12
- Michael 47239 An den Wiesen 21
- Michael 47198 An der Beiche 23
- Michael 47058 Brauer- 52
- Michael 47198 Erzberger- 1
- Michael 47167 Garten- 33
- Michael 47051 Kardinal-Galen- 42
- Michael 47055 Kaul- 24
- Michael 47167 Ludwig- 10
- Monika 47057 Biefang- 5
- Monika 47057 Gräben- 23
- Monika 47179 Kolping- 5
- Monika 47166 Markgrafen- 76
- Monika 47179 Schloß- 50
- Monika 47169 Niers- 31
- Natascha 47166 Markgrafen- 88
- Nathaly 47051 Kardinal-Galen- 42
- Nicole 47057 Bahnhof- 99
- Norbert 47059 Benedikt- 25
- Norbert 47166 Im Birkenkamp 10
- Norbert 47269 Zu den Erlen 26
- Olaf 47259 Am Lindentor 79
- Olaf 47228 Am Strücksken 37
- Olga 47249 Gerber- 32
Schaefer Oliver 47228 Holbeinweg 8
Schäfer Ottilie 47229 Henschel- 8
Schaefer Otto 47057 Manteuffel- 8
Schäfer Paul
47226 Friedrich-Ebert- 33
- Paul 47053 Karl-Jarres- 163
- Paula 47199 Pander- 42
- Paula 47198 Aldenrader- 33
- Peter 47166 Beeckbach 16
- Peter 47167 Am Kreyenbergshof 42
Schaefer Peter
47228 Auf dem Berg 44
Schäfer Peter
47228 Buchsbaumweg 33
- Peter
47055 Düsseldorfer- 128
- Peter 47226 Eduard- 7
Schäfer Peter 47138 Gelderblom- 25
- Peter 47249 Großglockner- 21
- Peter 47057 Ketten- 8b
- Peter 47229 Lindh- 25
- Peter 47228 Moerser- 29
- Peter 47166 Richter- 36
- Peter 47229 Theodor- 45
- Peter 47198 Ziethen- 31
- Peter 47279 Zur Wolfsuhl 64
- Petra 47137 Bahnhof- 183
- Petra 47226 Beethoven- 18b
- Petra 47119 Haniel- 1a
Schaefer Petra 47179 Holtener- 57
Schäfer Petra
47058 Kardinal-Galen- 113
- Petra 47059 Mauer- 35
- Petra 47137 Salm- 20
- Philipp 47166 Glückauf- 11
- Pia 47249 Arlberger- 6
Schaefer Rainer 47226 Atroper- 64
Schäfer Rainer 47137 Berchumer- 9
- Rainer 47137 Spichern- 44
- Rainer 47279 Zur Wolfsuhl 64
- Ralf 47051 Gaudi- 4
- Ralf 47198 Gefahrt- 8
- Ralf 47178 Prinzen- 73
- Ralf 47139 Schleiermacher- 2a
- Ralf 47137 Von-der-Mark- 64
- Ralf-Dieter 47137 Bahnhof- 57
- Ramona 47169 Wolf- 15
- Regina
47249 Großenbaumer Allee 291c
- Reiner 47166 Markgrafen- 88
- Reiner 47055 Thomer- 9
- Reinhard 47167 Im Neuenkamp 12
- Renate 47139 Fontane- 9
- Renate 47137 Laaker- 75
- Renate 47259 Lauterberger- 10
Schaefer Renate 47226 Lortzing- 20
Schäfer Renate 47228 Mühlenweg 3
Schaefer Renate
47226 Richard-Wagner- 15
- Renate 47228 Grabenacker 112
Schäfer Richard
47228 In den Peschen 125
- Rita 47137 Berchumer- 9
- Rita 47137 Bronkhorst- 147
- Robert 47169 Mannel- 71
- Robert 47137 Kirch- 16
- Robert 47239 Tilsiter- 26
- Rolf 47249 Großenbaumer Allee 336
- Rolf 47055 Kalkweg 66
- Rolf 47137 Wiesbadener- 9
Schäfer Rolf 47169 Wiesen- 39
Schäfer Roman 47199 Pander- 42
- Rosa 47169 Weseler- 263
- Rosemarie 47166 Diesel- 52
- Rosemarie 47119 Schill- 70
- Rosemarie 47137 Siegfried- 30
- Rosemarie 47139 Spaten- 2
- Roswitha 47055 Birken- 11
Schäfer Roswitha 47119 Kanzler- 16
Schäfer Rudolf 47137 Bronkhorst- 147
- Rudolf 47057 Richard-Dehmel- 5
- Rüdiger 47053 Gitschiner- 93
- Rüdiger 47139 Wygert- 16
- Ruth 47239 Bergmann- 20
- Ruth 47059 Ruhrorter- 2
- Ruth 47199 Pandor- 42
- Ruth 47228 Rotdornweg 1
- Sabine 47058 Duissern- 53
- Sabine 47057 Gärtner- 20
- Sabine 47179 Rhein- 28
- Sabine 47169 Wilfried- 8
- Sabine 47198 Ziethen- 31
- Sandra 47259 Breitenbachallee 12
- Sandra 47198 Husemann- 9
- Saskia 47199 Pander- 42
- Serafin 47166 Beecker- 287
- Sigrid 47119 Anger- 12
- Sigrid 47239 Am Lohkamp 3
- Sigrid 47057 Gustav-Adolf- 19
- Sigrid 47228 Winkelhauser- 132
- Silke 47198 Rhein- 28
- Silke 47279 Rheingold- 66
- Silvia 47059 Benedikt- 25
- Silvia 47051 Gallenkamp- 20
Schäfer Simon 47279 Märchenweg 13
Schaefer Sixt 47169 Holsteiner- 12
Einwohner ● Namen-Teil
A-DU	Firmen, Gewerbebetriebe usw. nach Namen - siehe gelber Teil
